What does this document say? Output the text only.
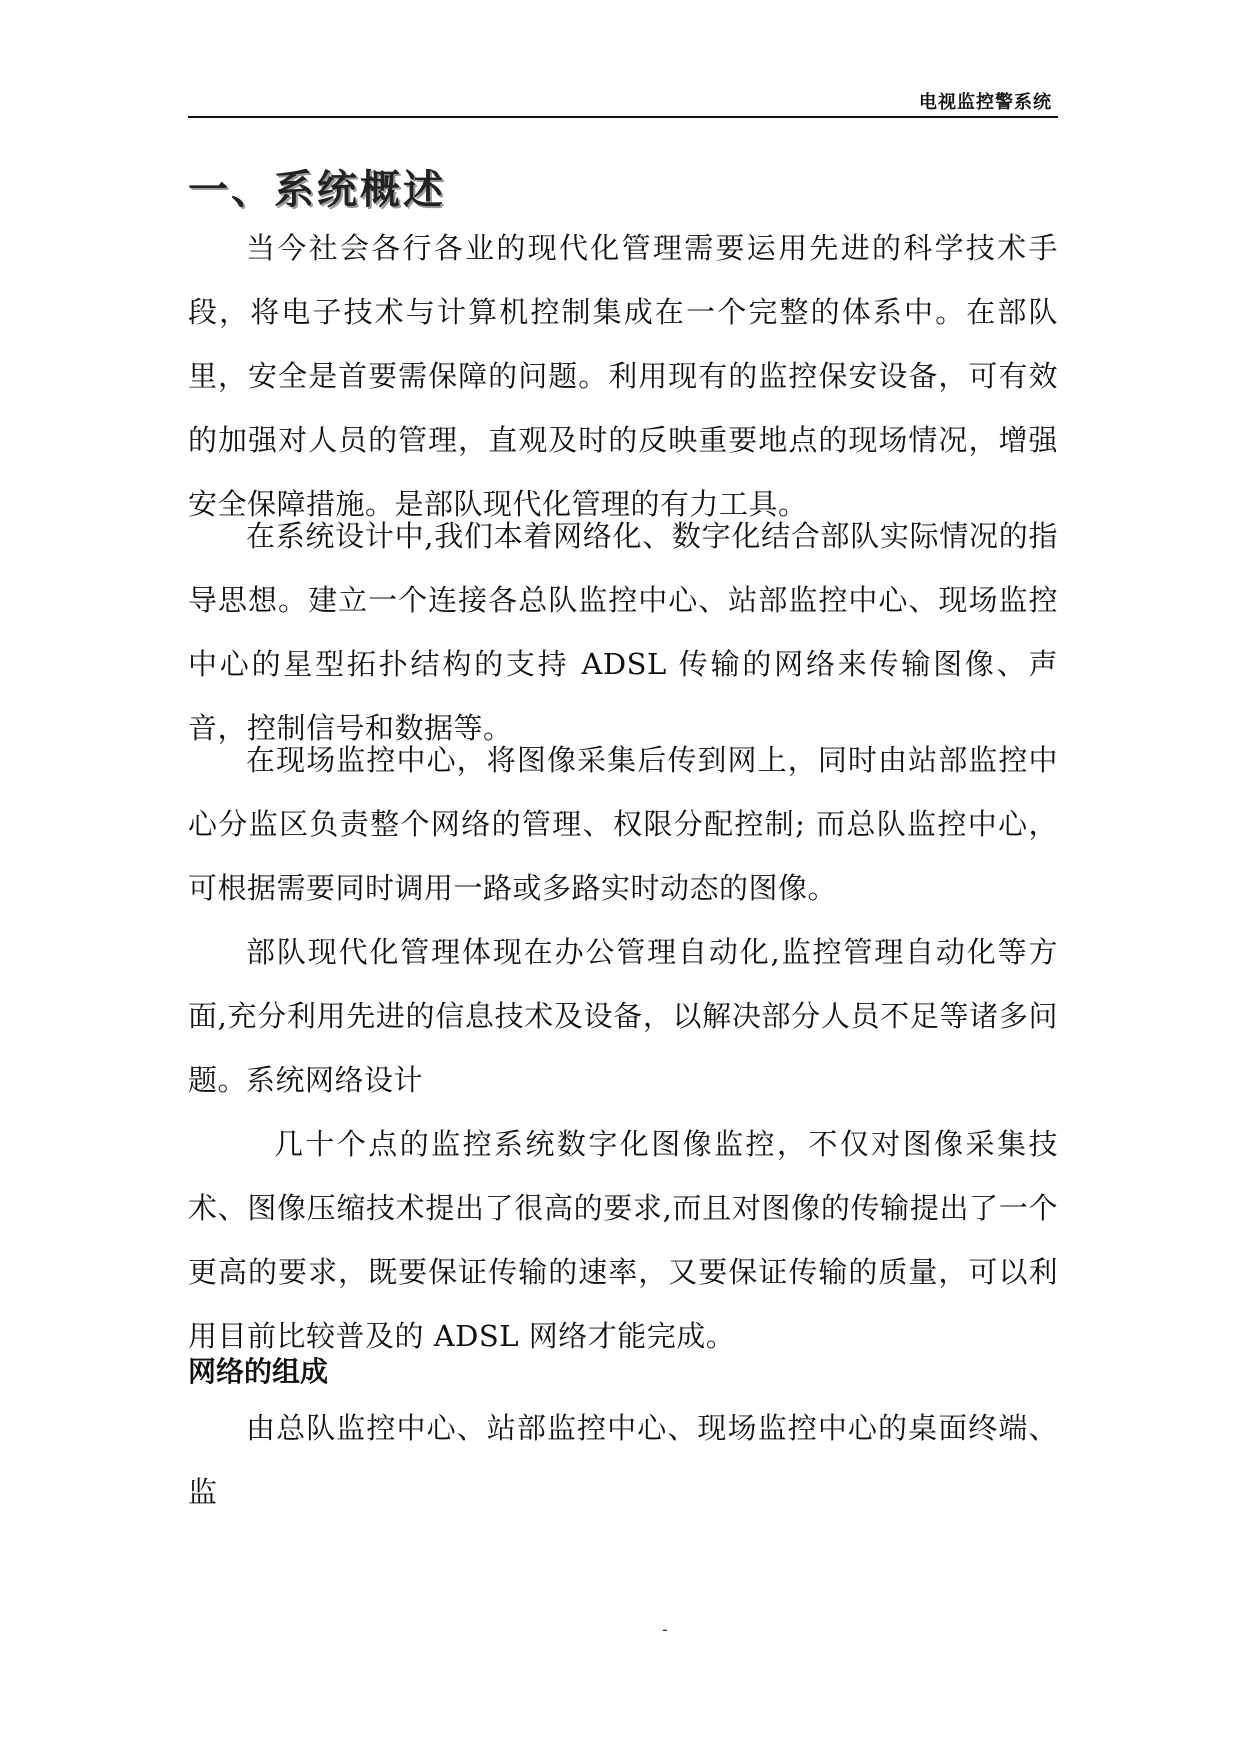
电视监控警系统
一、系统概述

当今社会各行各业的现代化管理需要运用先进的科学技术手段，将电子技术与计算机控制集成在一个完整的体系中。在部队里，安全是首要需保障的问题。利用现有的监控保安设备，可有效的加强对人员的管理，直观及时的反映重要地点的现场情况，增强安全保障措施。是部队现代化管理的有力工具。

在系统设计中,我们本着网络化、数字化结合部队实际情况的指导思想。建立一个连接各总队监控中心、站部监控中心、现场监控中心的星型拓扑结构的支持 ADSL 传输的网络来传输图像、声音，控制信号和数据等。

在现场监控中心，将图像采集后传到网上，同时由站部监控中心分监区负责整个网络的管理、权限分配控制; 而总队监控中心，可根据需要同时调用一路或多路实时动态的图像。

部队现代化管理体现在办公管理自动化,监控管理自动化等方面,充分利用先进的信息技术及设备，以解决部分人员不足等诸多问题。

系统网络设计

几十个点的监控系统数字化图像监控，不仅对图像采集技术、图像压缩技术提出了很高的要求,而且对图像的传输提出了一个更高的要求，既要保证传输的速率，又要保证传输的质量，可以利用目前比较普及的 ADSL 网络才能完成。

网络的组成

由总队监控中心、站部监控中心、现场监控中心的桌面终端、监

-
